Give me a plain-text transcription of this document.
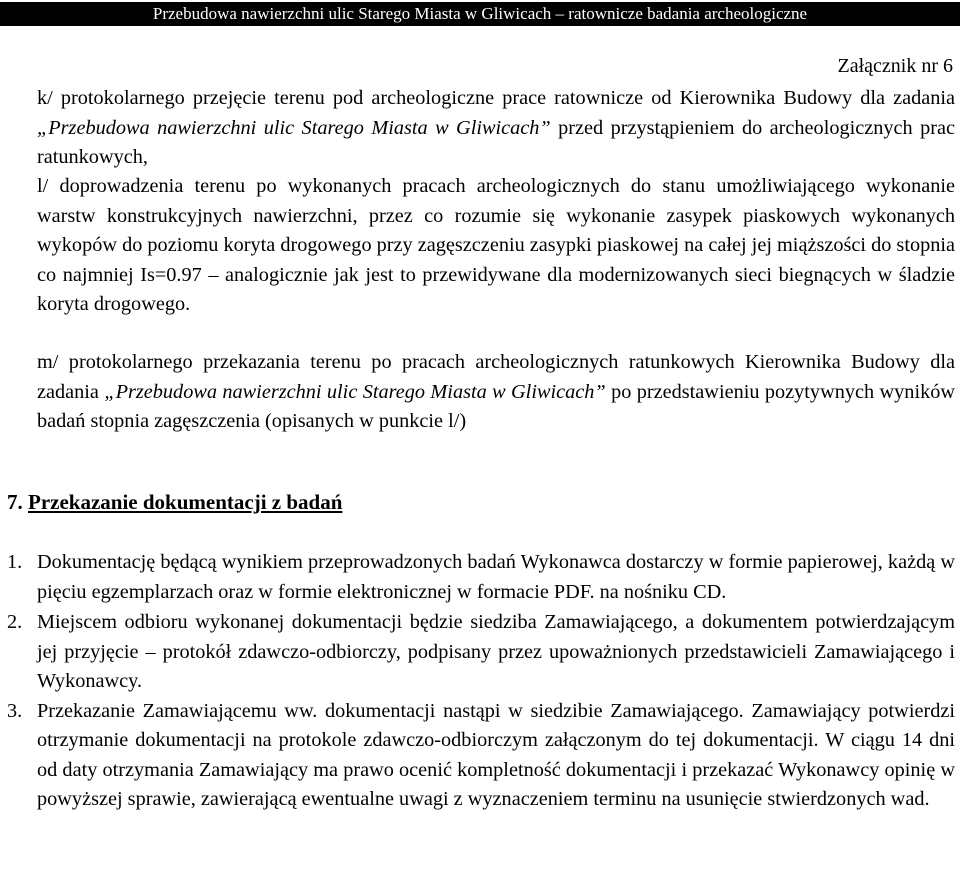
Przebudowa nawierzchni ulic Starego Miasta w Gliwicach – ratownicze badania archeologiczne
Załącznik nr 6
k/ protokolarnego przejęcie terenu pod archeologiczne prace ratownicze od Kierownika Budowy dla zadania „Przebudowa nawierzchni ulic Starego Miasta w Gliwicach” przed przystąpieniem do archeologicznych prac ratunkowych,
l/ doprowadzenia terenu po wykonanych pracach archeologicznych do stanu umożliwiającego wykonanie warstw konstrukcyjnych nawierzchni, przez co rozumie się wykonanie zasypek piaskowych wykonanych wykopów do poziomu koryta drogowego przy zagęszczeniu zasypki piaskowej na całej jej miąższości do stopnia co najmniej Is=0.97 – analogicznie jak jest to przewidywane dla modernizowanych sieci biegnących w śladzie koryta drogowego.
m/ protokolarnego przekazania terenu po pracach archeologicznych ratunkowych Kierownika Budowy dla zadania „Przebudowa nawierzchni ulic Starego Miasta w Gliwicach” po przedstawieniu pozytywnych wyników badań stopnia zagęszczenia (opisanych w punkcie l/)
7. Przekazanie dokumentacji z badań
1. Dokumentację będącą wynikiem przeprowadzonych badań Wykonawca dostarczy w formie papierowej, każdą w pięciu egzemplarzach oraz w formie elektronicznej w formacie PDF. na nośniku CD.
2. Miejscem odbioru wykonanej dokumentacji będzie siedziba Zamawiającego, a dokumentem potwierdzającym jej przyjęcie – protokół zdawczo-odbiorczy, podpisany przez upoważnionych przedstawicieli Zamawiającego i Wykonawcy.
3. Przekazanie Zamawiającemu ww. dokumentacji nastąpi w siedzibie Zamawiającego. Zamawiający potwierdzi otrzymanie dokumentacji na protokole zdawczo-odbiorczym załączonym do tej dokumentacji. W ciągu 14 dni od daty otrzymania Zamawiający ma prawo ocenić kompletność dokumentacji i przekazać Wykonawcy opinię w powyższej sprawie, zawierającą ewentualne uwagi z wyznaczeniem terminu na usunięcie stwierdzonych wad.
